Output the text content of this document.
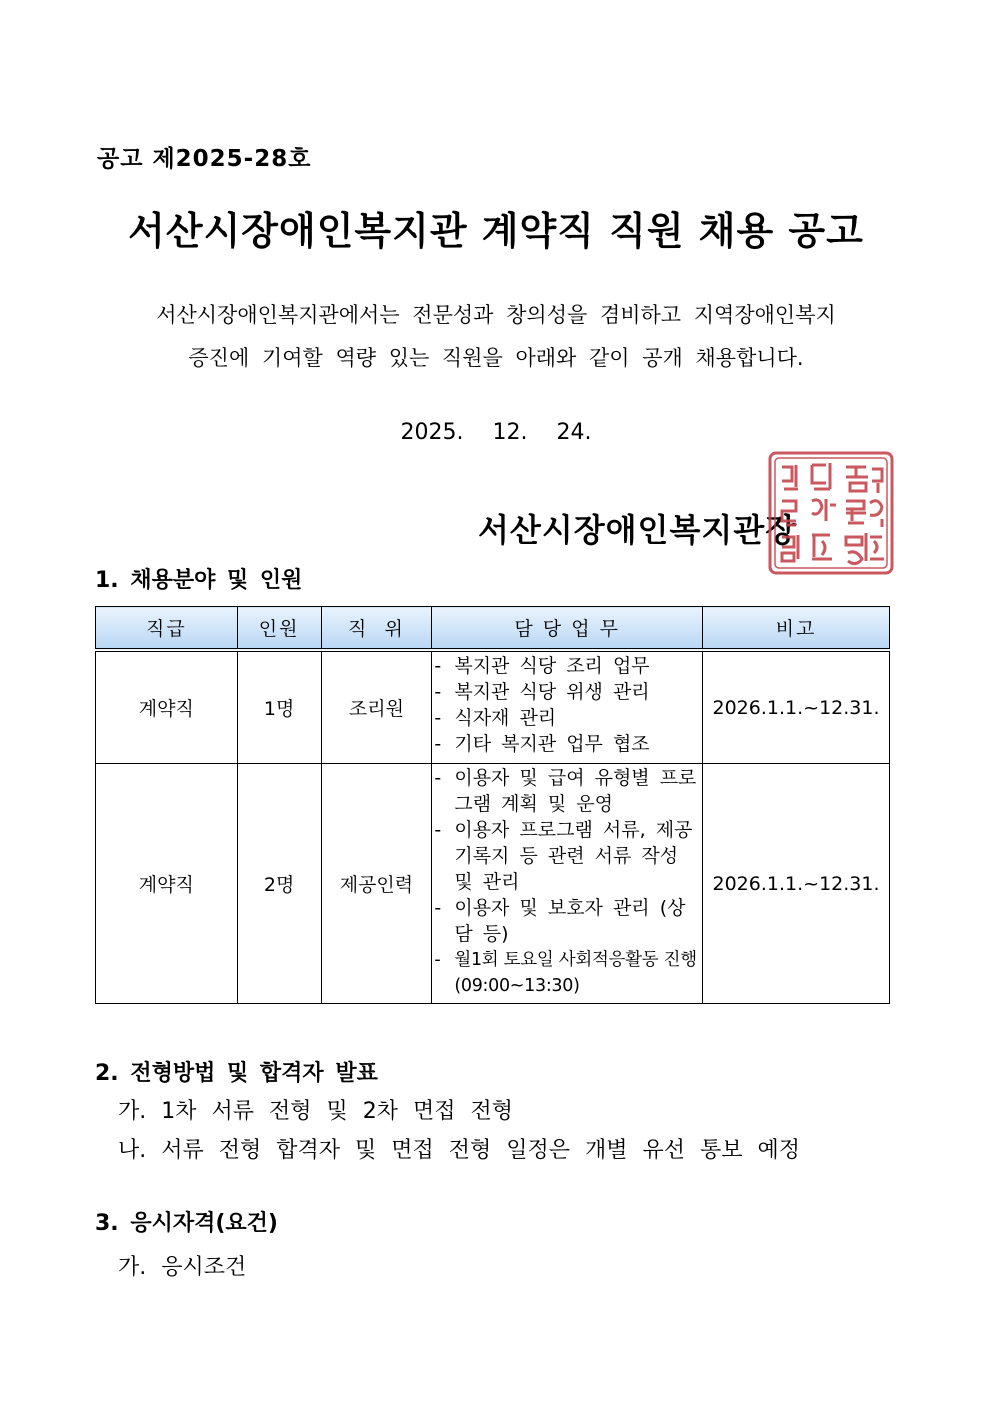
공고 제2025-28호
서산시장애인복지관 계약직 직원 채용 공고
서산시장애인복지관에서는 전문성과 창의성을 겸비하고 지역장애인복지
증진에 기여할 역량 있는 직원을 아래와 같이 공개 채용합니다.
2025. 12. 24.
서산시장애인복지관장
1. 채용분야 및 인원
직급	인원	직  위	담 당 업 무	비고
계약직	1명	조리원	- 복지관 식당 조리 업무
- 복지관 식당 위생 관리
- 식자재 관리
- 기타 복지관 업무 협조	2026.1.1.~12.31.
계약직	2명	제공인력	- 이용자 및 급여 유형별 프로그램 계획 및 운영
- 이용자 프로그램 서류, 제공기록지 등 관련 서류 작성 및 관리
- 이용자 및 보호자 관리 (상담 등)
- 월1회 토요일 사회적응활동 진행 (09:00~13:30)	2026.1.1.~12.31.
2. 전형방법 및 합격자 발표
가. 1차 서류 전형 및 2차 면접 전형
나. 서류 전형 합격자 및 면접 전형 일정은 개별 유선 통보 예정
3. 응시자격(요건)
가. 응시조건
